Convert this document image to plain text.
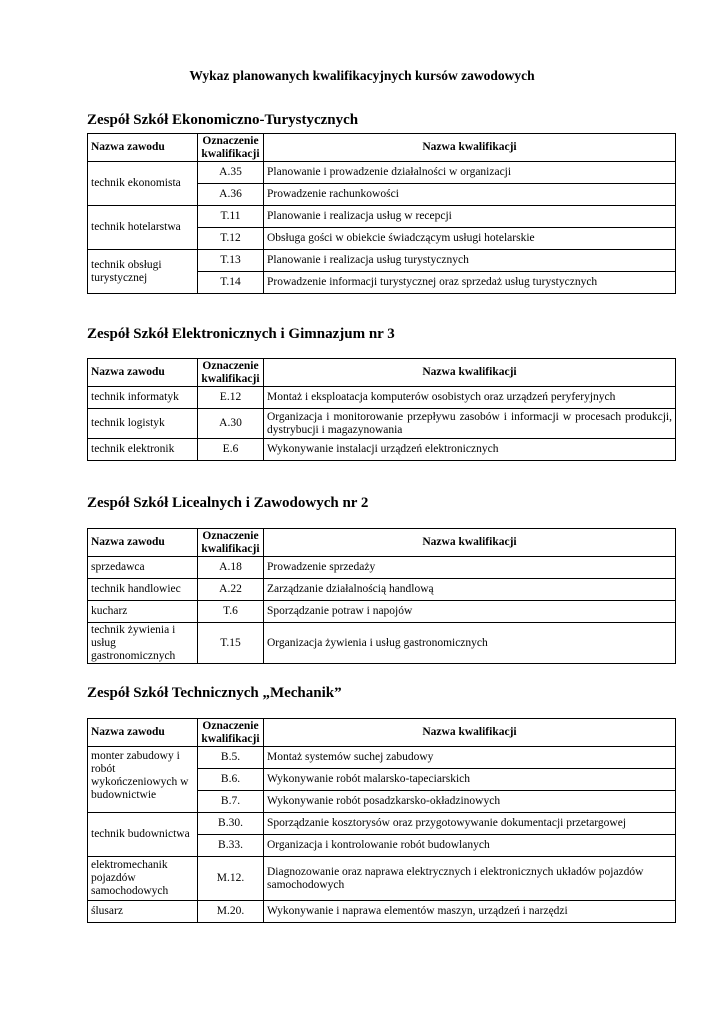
Wykaz planowanych kwalifikacyjnych kursów zawodowych
Zespół Szkół Ekonomiczno-Turystycznych
Nazwa zawodu	Oznaczenie kwalifikacji	Nazwa kwalifikacji
technik ekonomista	A.35	Planowanie i prowadzenie działalności w organizacji
	A.36	Prowadzenie rachunkowości
technik hotelarstwa	T.11	Planowanie i realizacja usług w recepcji
	T.12	Obsługa gości w obiekcie świadczącym usługi hotelarskie
technik obsługi turystycznej	T.13	Planowanie i realizacja usług turystycznych
	T.14	Prowadzenie informacji turystycznej oraz sprzedaż usług turystycznych
Zespół Szkół Elektronicznych i Gimnazjum nr 3
Nazwa zawodu	Oznaczenie kwalifikacji	Nazwa kwalifikacji
technik informatyk	E.12	Montaż i eksploatacja komputerów osobistych oraz urządzeń peryferyjnych
technik logistyk	A.30	Organizacja i monitorowanie przepływu zasobów i informacji w procesach produkcji, dystrybucji i magazynowania
technik elektronik	E.6	Wykonywanie instalacji urządzeń elektronicznych
Zespół Szkół Licealnych i Zawodowych nr 2
Nazwa zawodu	Oznaczenie kwalifikacji	Nazwa kwalifikacji
sprzedawca	A.18	Prowadzenie sprzedaży
technik handlowiec	A.22	Zarządzanie działalnością handlową
kucharz	T.6	Sporządzanie potraw i napojów
technik żywienia i usług gastronomicznych	T.15	Organizacja żywienia i usług gastronomicznych
Zespół Szkół Technicznych „Mechanik”
Nazwa zawodu	Oznaczenie kwalifikacji	Nazwa kwalifikacji
monter zabudowy i robót wykończeniowych w budownictwie	B.5.	Montaż systemów suchej zabudowy
	B.6.	Wykonywanie robót malarsko-tapeciarskich
	B.7.	Wykonywanie robót posadzkarsko-okładzinowych
technik budownictwa	B.30.	Sporządzanie kosztorysów oraz przygotowywanie dokumentacji przetargowej
	B.33.	Organizacja i kontrolowanie robót budowlanych
elektromechanik pojazdów samochodowych	M.12.	Diagnozowanie oraz naprawa elektrycznych i elektronicznych układów pojazdów samochodowych
ślusarz	M.20.	Wykonywanie i naprawa elementów maszyn, urządzeń i narzędzi
